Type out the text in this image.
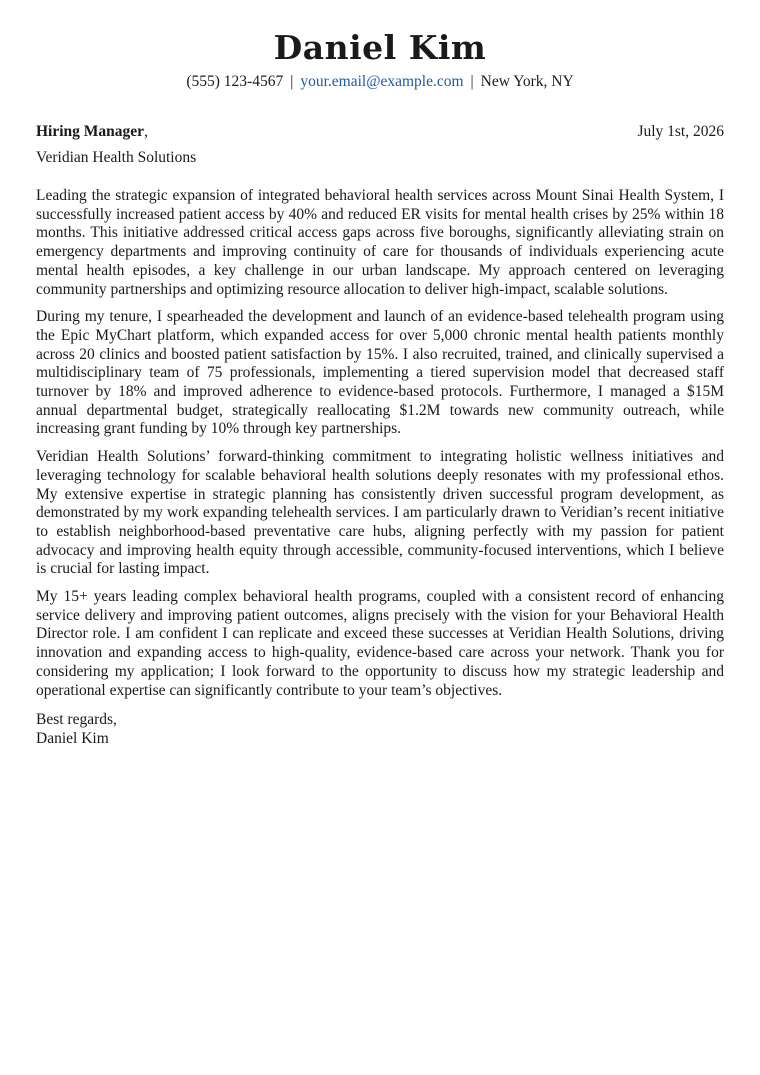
Daniel Kim
(555) 123-4567 | your.email@example.com | New York, NY
Hiring Manager,	July 1st, 2026
Veridian Health Solutions

Leading the strategic expansion of integrated behavioral health services across Mount Sinai Health System, I successfully increased patient access by 40% and reduced ER visits for mental health crises by 25% within 18 months. This initiative addressed critical access gaps across five boroughs, significantly alleviating strain on emergency departments and improving continuity of care for thousands of individuals experiencing acute mental health episodes, a key challenge in our urban landscape. My approach centered on leveraging community partnerships and optimizing resource allocation to deliver high-impact, scalable solutions.

During my tenure, I spearheaded the development and launch of an evidence-based telehealth program using the Epic MyChart platform, which expanded access for over 5,000 chronic mental health patients monthly across 20 clinics and boosted patient satisfaction by 15%. I also recruited, trained, and clinically supervised a multidisciplinary team of 75 professionals, implementing a tiered supervision model that decreased staff turnover by 18% and improved adherence to evidence-based protocols. Furthermore, I managed a $15M annual departmental budget, strategically reallocating $1.2M towards new community outreach, while increasing grant funding by 10% through key partnerships.

Veridian Health Solutions’ forward-thinking commitment to integrating holistic wellness initiatives and leveraging technology for scalable behavioral health solutions deeply resonates with my professional ethos. My extensive expertise in strategic planning has consistently driven successful program development, as demonstrated by my work expanding telehealth services. I am particularly drawn to Veridian’s recent initiative to establish neighborhood-based preventative care hubs, aligning perfectly with my passion for patient advocacy and improving health equity through accessible, community-focused interventions, which I believe is crucial for lasting impact.

My 15+ years leading complex behavioral health programs, coupled with a consistent record of enhancing service delivery and improving patient outcomes, aligns precisely with the vision for your Behavioral Health Director role. I am confident I can replicate and exceed these successes at Veridian Health Solutions, driving innovation and expanding access to high-quality, evidence-based care across your network. Thank you for considering my application; I look forward to the opportunity to discuss how my strategic leadership and operational expertise can significantly contribute to your team’s objectives.

Best regards,
Daniel Kim
